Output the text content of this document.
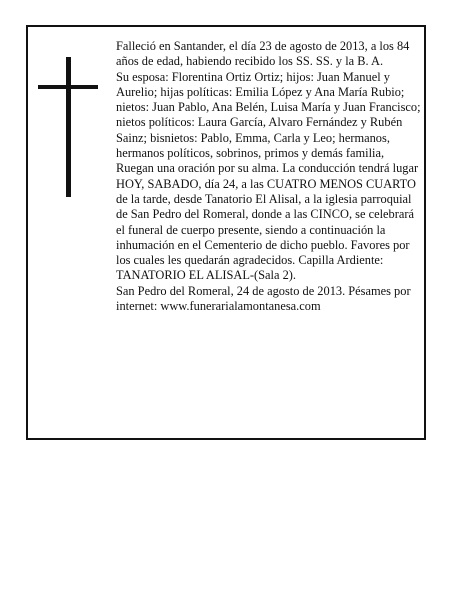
Falleció en Santander, el día 23 de agosto de 2013, a los 84 años de edad, habiendo recibido los SS. SS. y la B. A.

Su esposa: Florentina Ortiz Ortiz; hijos: Juan Manuel y Aurelio; hijas políticas: Emilia López y Ana María Rubio; nietos: Juan Pablo, Ana Belén, Luisa María y Juan Francisco; nietos políticos: Laura García, Alvaro Fernández y Rubén Sainz; bisnietos: Pablo, Emma, Carla y Leo; hermanos, hermanos políticos, sobrinos, primos y demás familia,

Ruegan una oración por su alma. La conducción tendrá lugar HOY, SABADO, día 24, a las CUATRO MENOS CUARTO de la tarde, desde Tanatorio El Alisal, a la iglesia parroquial de San Pedro del Romeral, donde a las CINCO, se celebrará el funeral de cuerpo presente, siendo a continuación la inhumación en el Cementerio de dicho pueblo. Favores por los cuales les quedarán agradecidos. Capilla Ardiente: TANATORIO EL ALISAL-(Sala 2).

San Pedro del Romeral, 24 de agosto de 2013. Pésames por internet: www.funerarialamontanesa.com
